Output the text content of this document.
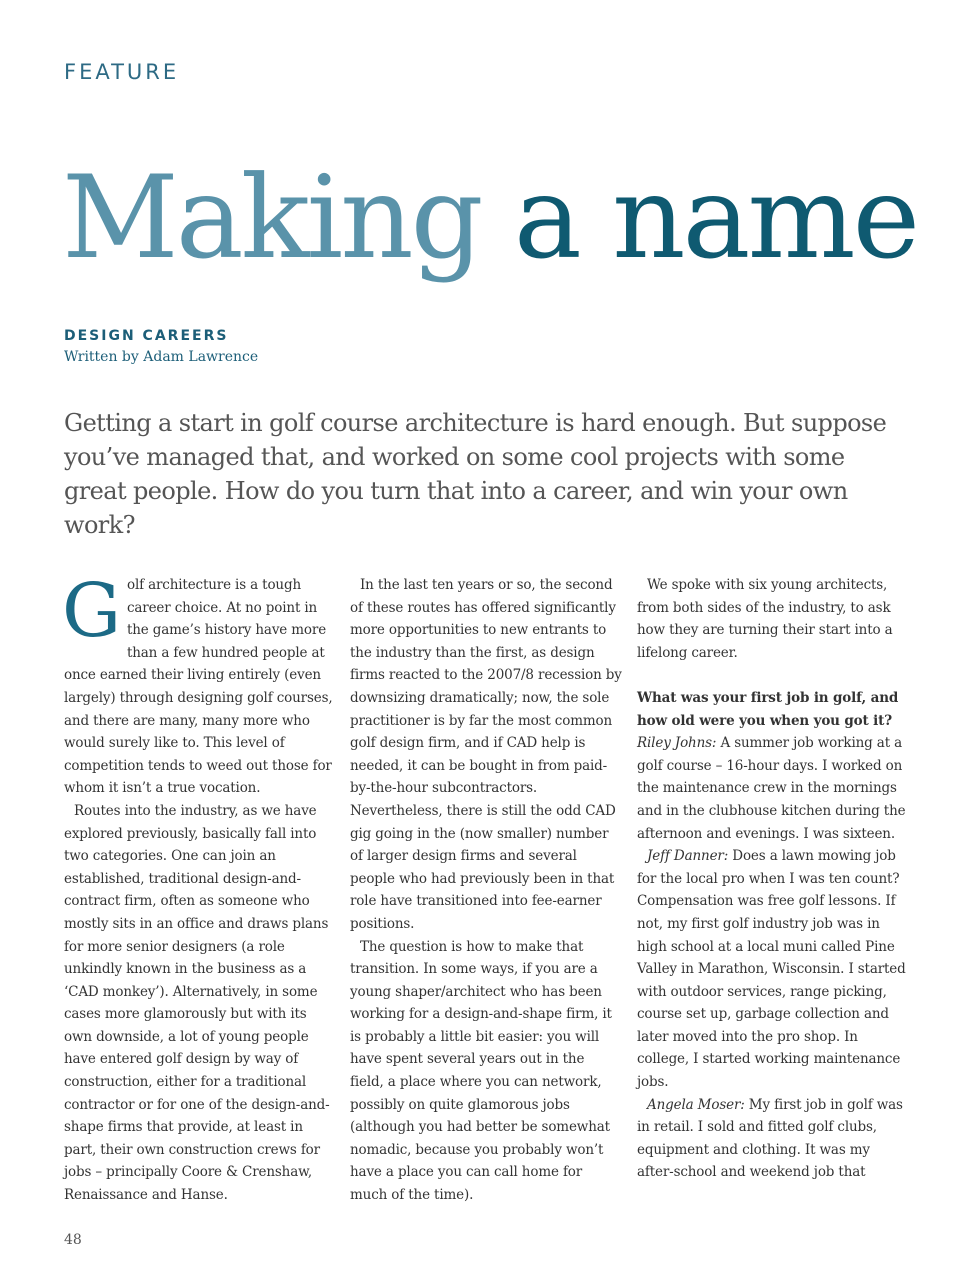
FEATURE
Making a name
DESIGN CAREERS
Written by Adam Lawrence

Getting a start in golf course architecture is hard enough. But suppose you’ve managed that, and worked on some cool projects with some great people. How do you turn that into a career, and win your own work?

Golf architecture is a tough career choice. At no point in the game’s history have more than a few hundred people at once earned their living entirely (even largely) through designing golf courses, and there are many, many more who would surely like to. This level of competition tends to weed out those for whom it isn’t a true vocation.

Routes into the industry, as we have explored previously, basically fall into two categories. One can join an established, traditional design-and-contract firm, often as someone who mostly sits in an office and draws plans for more senior designers (a role unkindly known in the business as a ‘CAD monkey’). Alternatively, in some cases more glamorously but with its own downside, a lot of young people have entered golf design by way of construction, either for a traditional contractor or for one of the design-and-shape firms that provide, at least in part, their own construction crews for jobs – principally Coore & Crenshaw, Renaissance and Hanse.

In the last ten years or so, the second of these routes has offered significantly more opportunities to new entrants to the industry than the first, as design firms reacted to the 2007/8 recession by downsizing dramatically; now, the sole practitioner is by far the most common golf design firm, and if CAD help is needed, it can be bought in from paid-by-the-hour subcontractors. Nevertheless, there is still the odd CAD gig going in the (now smaller) number of larger design firms and several people who had previously been in that role have transitioned into fee-earner positions.

The question is how to make that transition. In some ways, if you are a young shaper/architect who has been working for a design-and-shape firm, it is probably a little bit easier: you will have spent several years out in the field, a place where you can network, possibly on quite glamorous jobs (although you had better be somewhat nomadic, because you probably won’t have a place you can call home for much of the time).

We spoke with six young architects, from both sides of the industry, to ask how they are turning their start into a lifelong career.

What was your first job in golf, and how old were you when you got it?

Riley Johns: A summer job working at a golf course – 16-hour days. I worked on the maintenance crew in the mornings and in the clubhouse kitchen during the afternoon and evenings. I was sixteen.

Jeff Danner: Does a lawn mowing job for the local pro when I was ten count? Compensation was free golf lessons. If not, my first golf industry job was in high school at a local muni called Pine Valley in Marathon, Wisconsin. I started with outdoor services, range picking, course set up, garbage collection and later moved into the pro shop. In college, I started working maintenance jobs.

Angela Moser: My first job in golf was in retail. I sold and fitted golf clubs, equipment and clothing. It was my after-school and weekend job that

48
